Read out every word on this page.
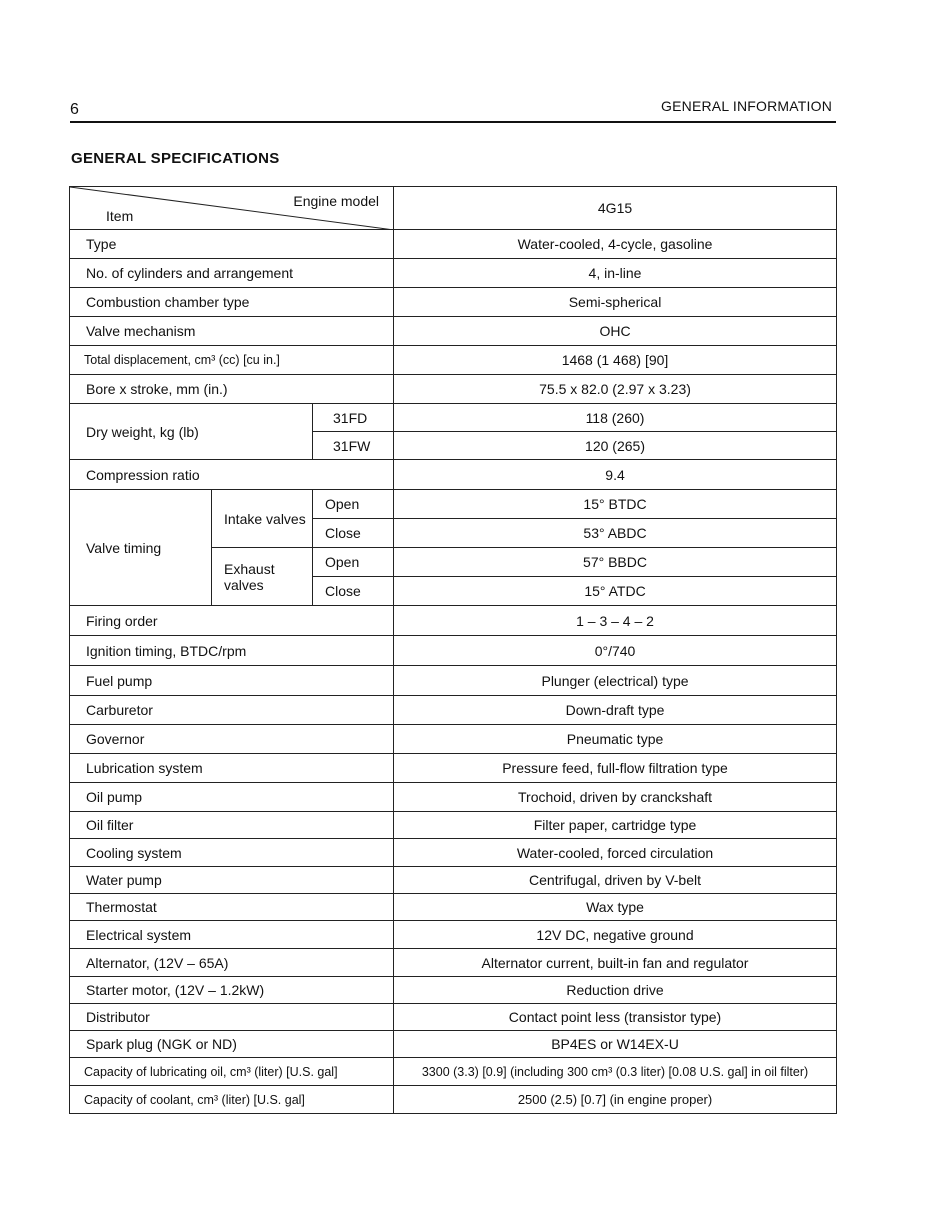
6	GENERAL INFORMATION
GENERAL SPECIFICATIONS
Engine model
Item			4G15
Type			Water-cooled, 4-cycle, gasoline
No. of cylinders and arrangement			4, in-line
Combustion chamber type			Semi-spherical
Valve mechanism			OHC
Total displacement, cm³ (cc) [cu in.]			1468 (1 468) [90]
Bore x stroke, mm (in.)			75.5 x 82.0 (2.97 x 3.23)
Dry weight, kg (lb)		31FD	118 (260)
		31FW	120 (265)
Compression ratio			9.4
Valve timing	Intake valves	Open	15° BTDC
		Close	53° ABDC
	Exhaust valves	Open	57° BBDC
		Close	15° ATDC
Firing order			1 – 3 – 4 – 2
Ignition timing, BTDC/rpm			0°/740
Fuel pump			Plunger (electrical) type
Carburetor			Down-draft type
Governor			Pneumatic type
Lubrication system			Pressure feed, full-flow filtration type
Oil pump			Trochoid, driven by cranckshaft
Oil filter			Filter paper, cartridge type
Cooling system			Water-cooled, forced circulation
Water pump			Centrifugal, driven by V-belt
Thermostat			Wax type
Electrical system			12V DC, negative ground
Alternator, (12V – 65A)			Alternator current, built-in fan and regulator
Starter motor, (12V – 1.2kW)			Reduction drive
Distributor			Contact point less (transistor type)
Spark plug (NGK or ND)			BP4ES or W14EX-U
Capacity of lubricating oil, cm³ (liter) [U.S. gal]			3300 (3.3) [0.9] (including 300 cm³ (0.3 liter) [0.08 U.S. gal] in oil filter)
Capacity of coolant, cm³ (liter) [U.S. gal]			2500 (2.5) [0.7] (in engine proper)
